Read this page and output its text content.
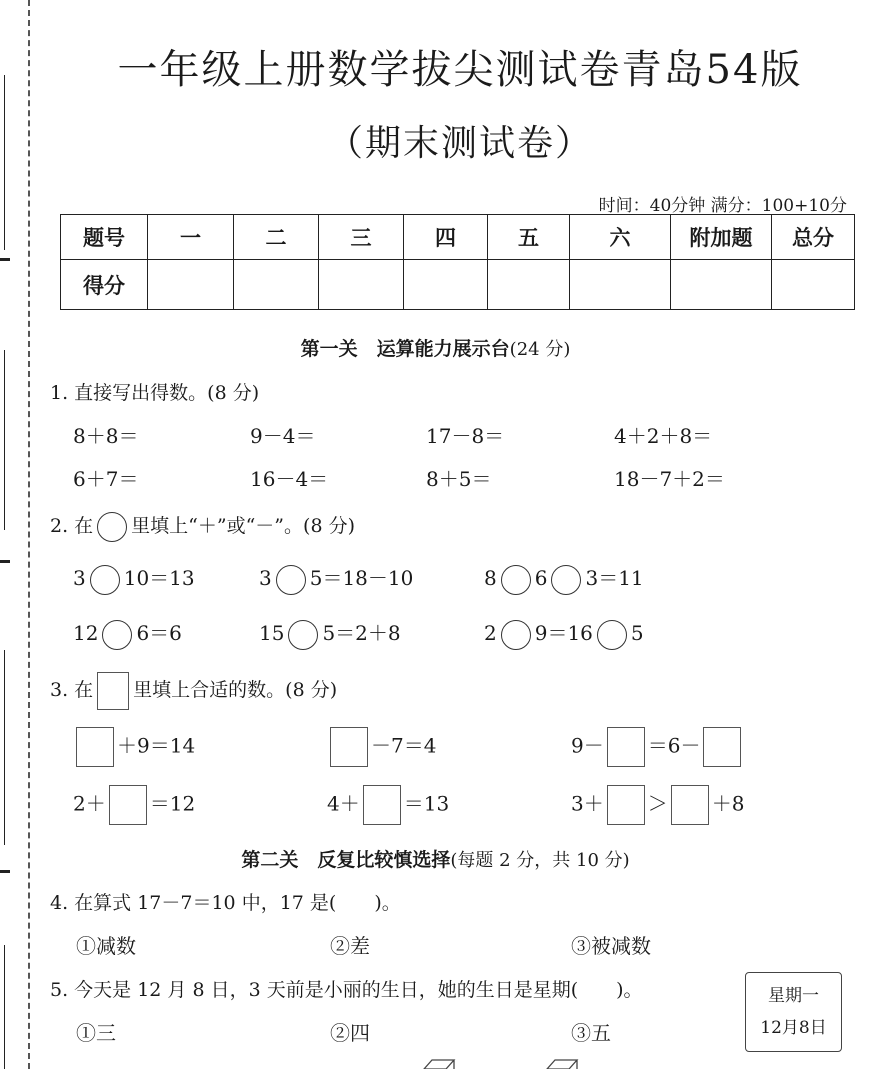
一年级上册数学拔尖测试卷青岛54版
（期末测试卷）
时间：40分钟 满分：100+10分
题号	一	二	三	四	五	六	附加题	总分
得分								
第一关　运算能力展示台(24 分)
1. 直接写出得数。(8 分)
8＋8＝	9－4＝	17－8＝	4＋2＋8＝
6＋7＝	16－4＝	8＋5＝	18－7＋2＝
2. 在 里填上“＋”或“－”。(8 分)
3 10＝13	3 5＝18－10	8 6 3＝11
12 6＝6	15 5＝2＋8	2 9＝16 5
3. 在 里填上合适的数。(8 分)
＋9＝14	－7＝4	9－ ＝6－
2＋ ＝12	4＋ ＝13	3＋ ＞ ＋8
第二关　反复比较慎选择(每题 2 分，共 10 分)
4. 在算式 17－7＝10 中，17 是(　　)。
①减数	②差	③被减数
5. 今天是 12 月 8 日，3 天前是小丽的生日，她的生日是星期(　　)。
①三	②四	③五
星期一
12月8日
